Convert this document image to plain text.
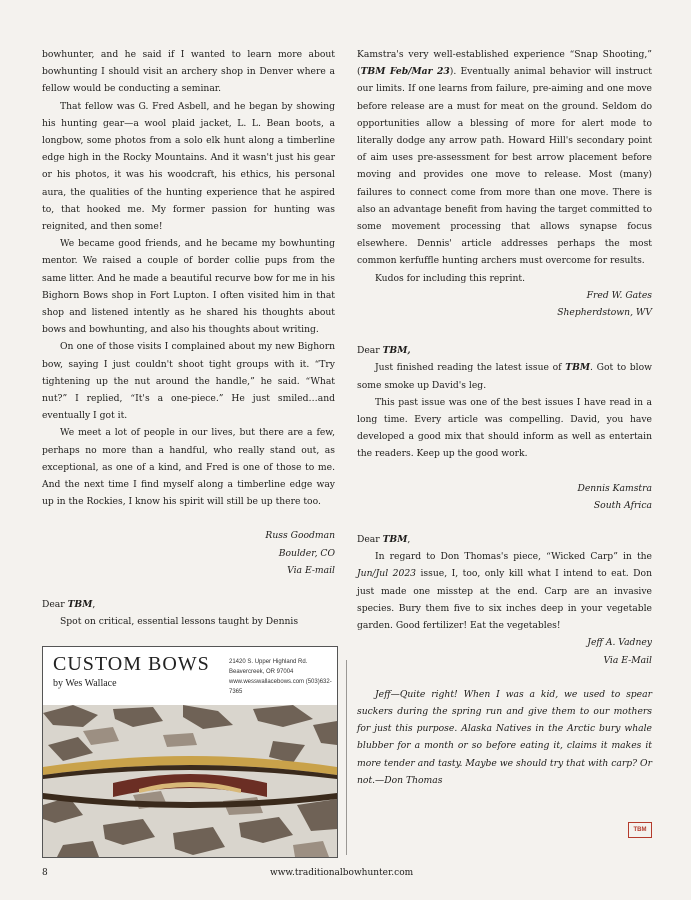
bowhunter, and he said if I wanted to learn more about bowhunting I should visit an archery shop in Denver where a fellow would be conducting a seminar.

That fellow was G. Fred Asbell, and he began by showing his hunting gear—a wool plaid jacket, L. L. Bean boots, a longbow, some photos from a solo elk hunt along a timberline edge high in the Rocky Mountains. And it wasn't just his gear or his photos, it was his woodcraft, his ethics, his personal aura, the qualities of the hunting experience that he aspired to, that hooked me. My former passion for hunting was reignited, and then some!

We became good friends, and he became my bowhunting mentor. We raised a couple of border collie pups from the same litter. And he made a beautiful recurve bow for me in his Bighorn Bows shop in Fort Lupton. I often visited him in that shop and listened intently as he shared his thoughts about bows and bowhunting, and also his thoughts about writing.

On one of those visits I complained about my new Bighorn bow, saying I just couldn't shoot tight groups with it. “Try tightening up the nut around the handle,” he said. “What nut?” I replied, “It's a one-piece.” He just smiled…and eventually I got it.

We meet a lot of people in our lives, but there are a few, perhaps no more than a handful, who really stand out, as exceptional, as one of a kind, and Fred is one of those to me. And the next time I find myself along a timberline edge way up in the Rockies, I know his spirit will still be up there too.

Russ Goodman
Boulder, CO
Via E-mail
Dear TBM,

Spot on critical, essential lessons taught by Dennis

CUSTOM BOWS
by Wes Wallace
21420 S. Upper Highland Rd.
Beavercreek, OR 97004
www.wesswallacebows.com (503)632-7365

Kamstra's very well-established experience “Snap Shooting,” (TBM Feb/Mar 23). Eventually animal behavior will instruct our limits. If one learns from failure, pre-aiming and one move before release are a must for meat on the ground. Seldom do opportunities allow a blessing of more for alert mode to literally dodge any arrow path. Howard Hill's secondary point of aim uses pre-assessment for best arrow placement before moving and provides one move to release. Most (many) failures to connect come from more than one move. There is also an advantage benefit from having the target committed to some movement processing that allows synapse focus elsewhere. Dennis' article addresses perhaps the most common kerfuffle hunting archers must overcome for results.

Kudos for including this reprint.

Fred W. Gates
Shepherdstown, WV
Dear TBM,

Just finished reading the latest issue of TBM. Got to blow some smoke up David's leg.

This past issue was one of the best issues I have read in a long time. Every article was compelling. David, you have developed a good mix that should inform as well as entertain the readers. Keep up the good work.

Dennis Kamstra
South Africa
Dear TBM,

In regard to Don Thomas's piece, “Wicked Carp” in the Jun/Jul 2023 issue, I, too, only kill what I intend to eat. Don just made one misstep at the end. Carp are an invasive species. Bury them five to six inches deep in your vegetable garden. Good fertilizer! Eat the vegetables!

Jeff A. Vadney
Via E-Mail

Jeff—Quite right! When I was a kid, we used to spear suckers during the spring run and give them to our mothers for just this purpose. Alaska Natives in the Arctic bury whale blubber for a month or so before eating it, claims it makes it more tender and tasty. Maybe we should try that with carp? Or not.—Don Thomas

TBM
8	www.traditionalbowhunter.com
